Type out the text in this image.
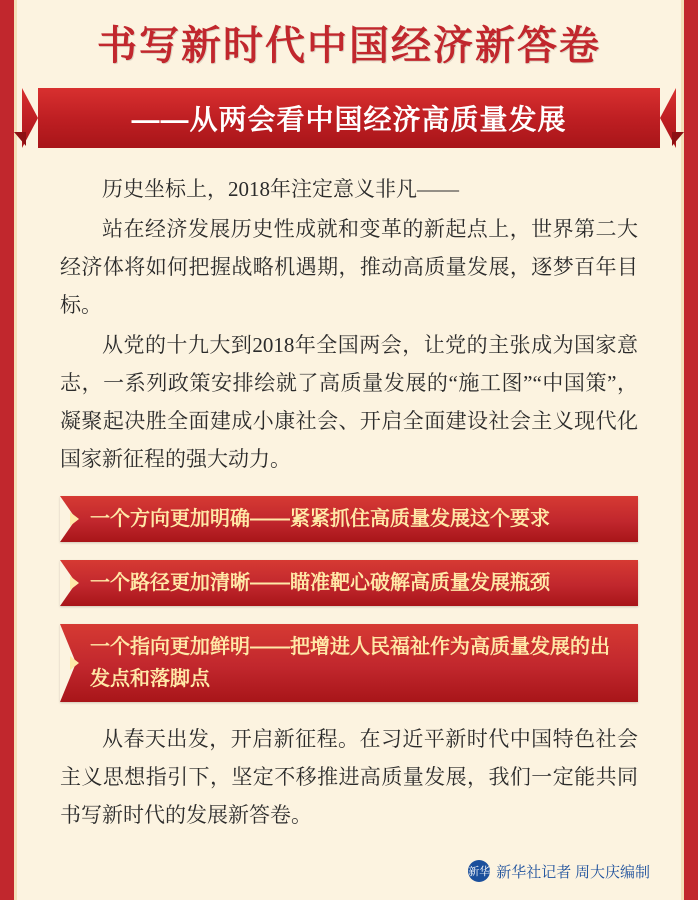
书写新时代中国经济新答卷
——从两会看中国经济高质量发展

历史坐标上，2018年注定意义非凡——

站在经济发展历史性成就和变革的新起点上，世界第二大经济体将如何把握战略机遇期，推动高质量发展，逐梦百年目标。

从党的十九大到2018年全国两会，让党的主张成为国家意志，一系列政策安排绘就了高质量发展的“施工图”“中国策”，凝聚起决胜全面建成小康社会、开启全面建设社会主义现代化国家新征程的强大动力。

一个方向更加明确——紧紧抓住高质量发展这个要求
一个路径更加清晰——瞄准靶心破解高质量发展瓶颈
一个指向更加鲜明——把增进人民福祉作为高质量发展的出发点和落脚点

从春天出发，开启新征程。在习近平新时代中国特色社会主义思想指引下，坚定不移推进高质量发展，我们一定能共同书写新时代的发展新答卷。

新华 新华社记者 周大庆编制
